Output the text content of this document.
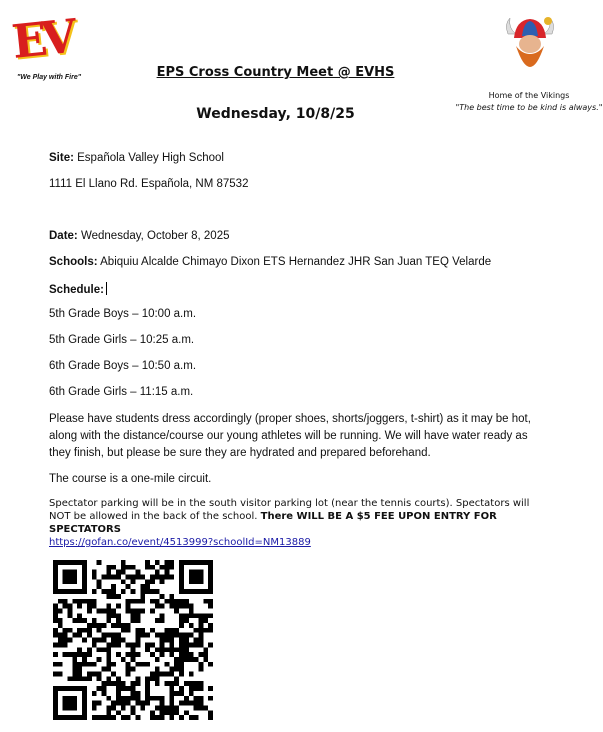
EV
"We Play with Fire"
Home of the Vikings
"The best time to be kind is always."
EPS Cross Country Meet @ EVHS
Wednesday, 10/8/25
Site: Española Valley High School
1111 El Llano Rd. Española, NM 87532
Date: Wednesday, October 8, 2025
Schools: Abiquiu Alcalde Chimayo Dixon ETS Hernandez JHR San Juan TEQ Velarde
Schedule:
5th Grade Boys – 10:00 a.m.
5th Grade Girls – 10:25 a.m.
6th Grade Boys – 10:50 a.m.
6th Grade Girls – 11:15 a.m.
Please have students dress accordingly (proper shoes, shorts/joggers, t-shirt) as it may be hot, along with the distance/course our young athletes will be running. We will have water ready as they finish, but please be sure they are hydrated and prepared beforehand.
The course is a one-mile circuit.
Spectator parking will be in the south visitor parking lot (near the tennis courts). Spectators will NOT be allowed in the back of the school. There WILL BE A $5 FEE UPON ENTRY FOR SPECTATORS
https://gofan.co/event/4513999?schoolId=NM13889
